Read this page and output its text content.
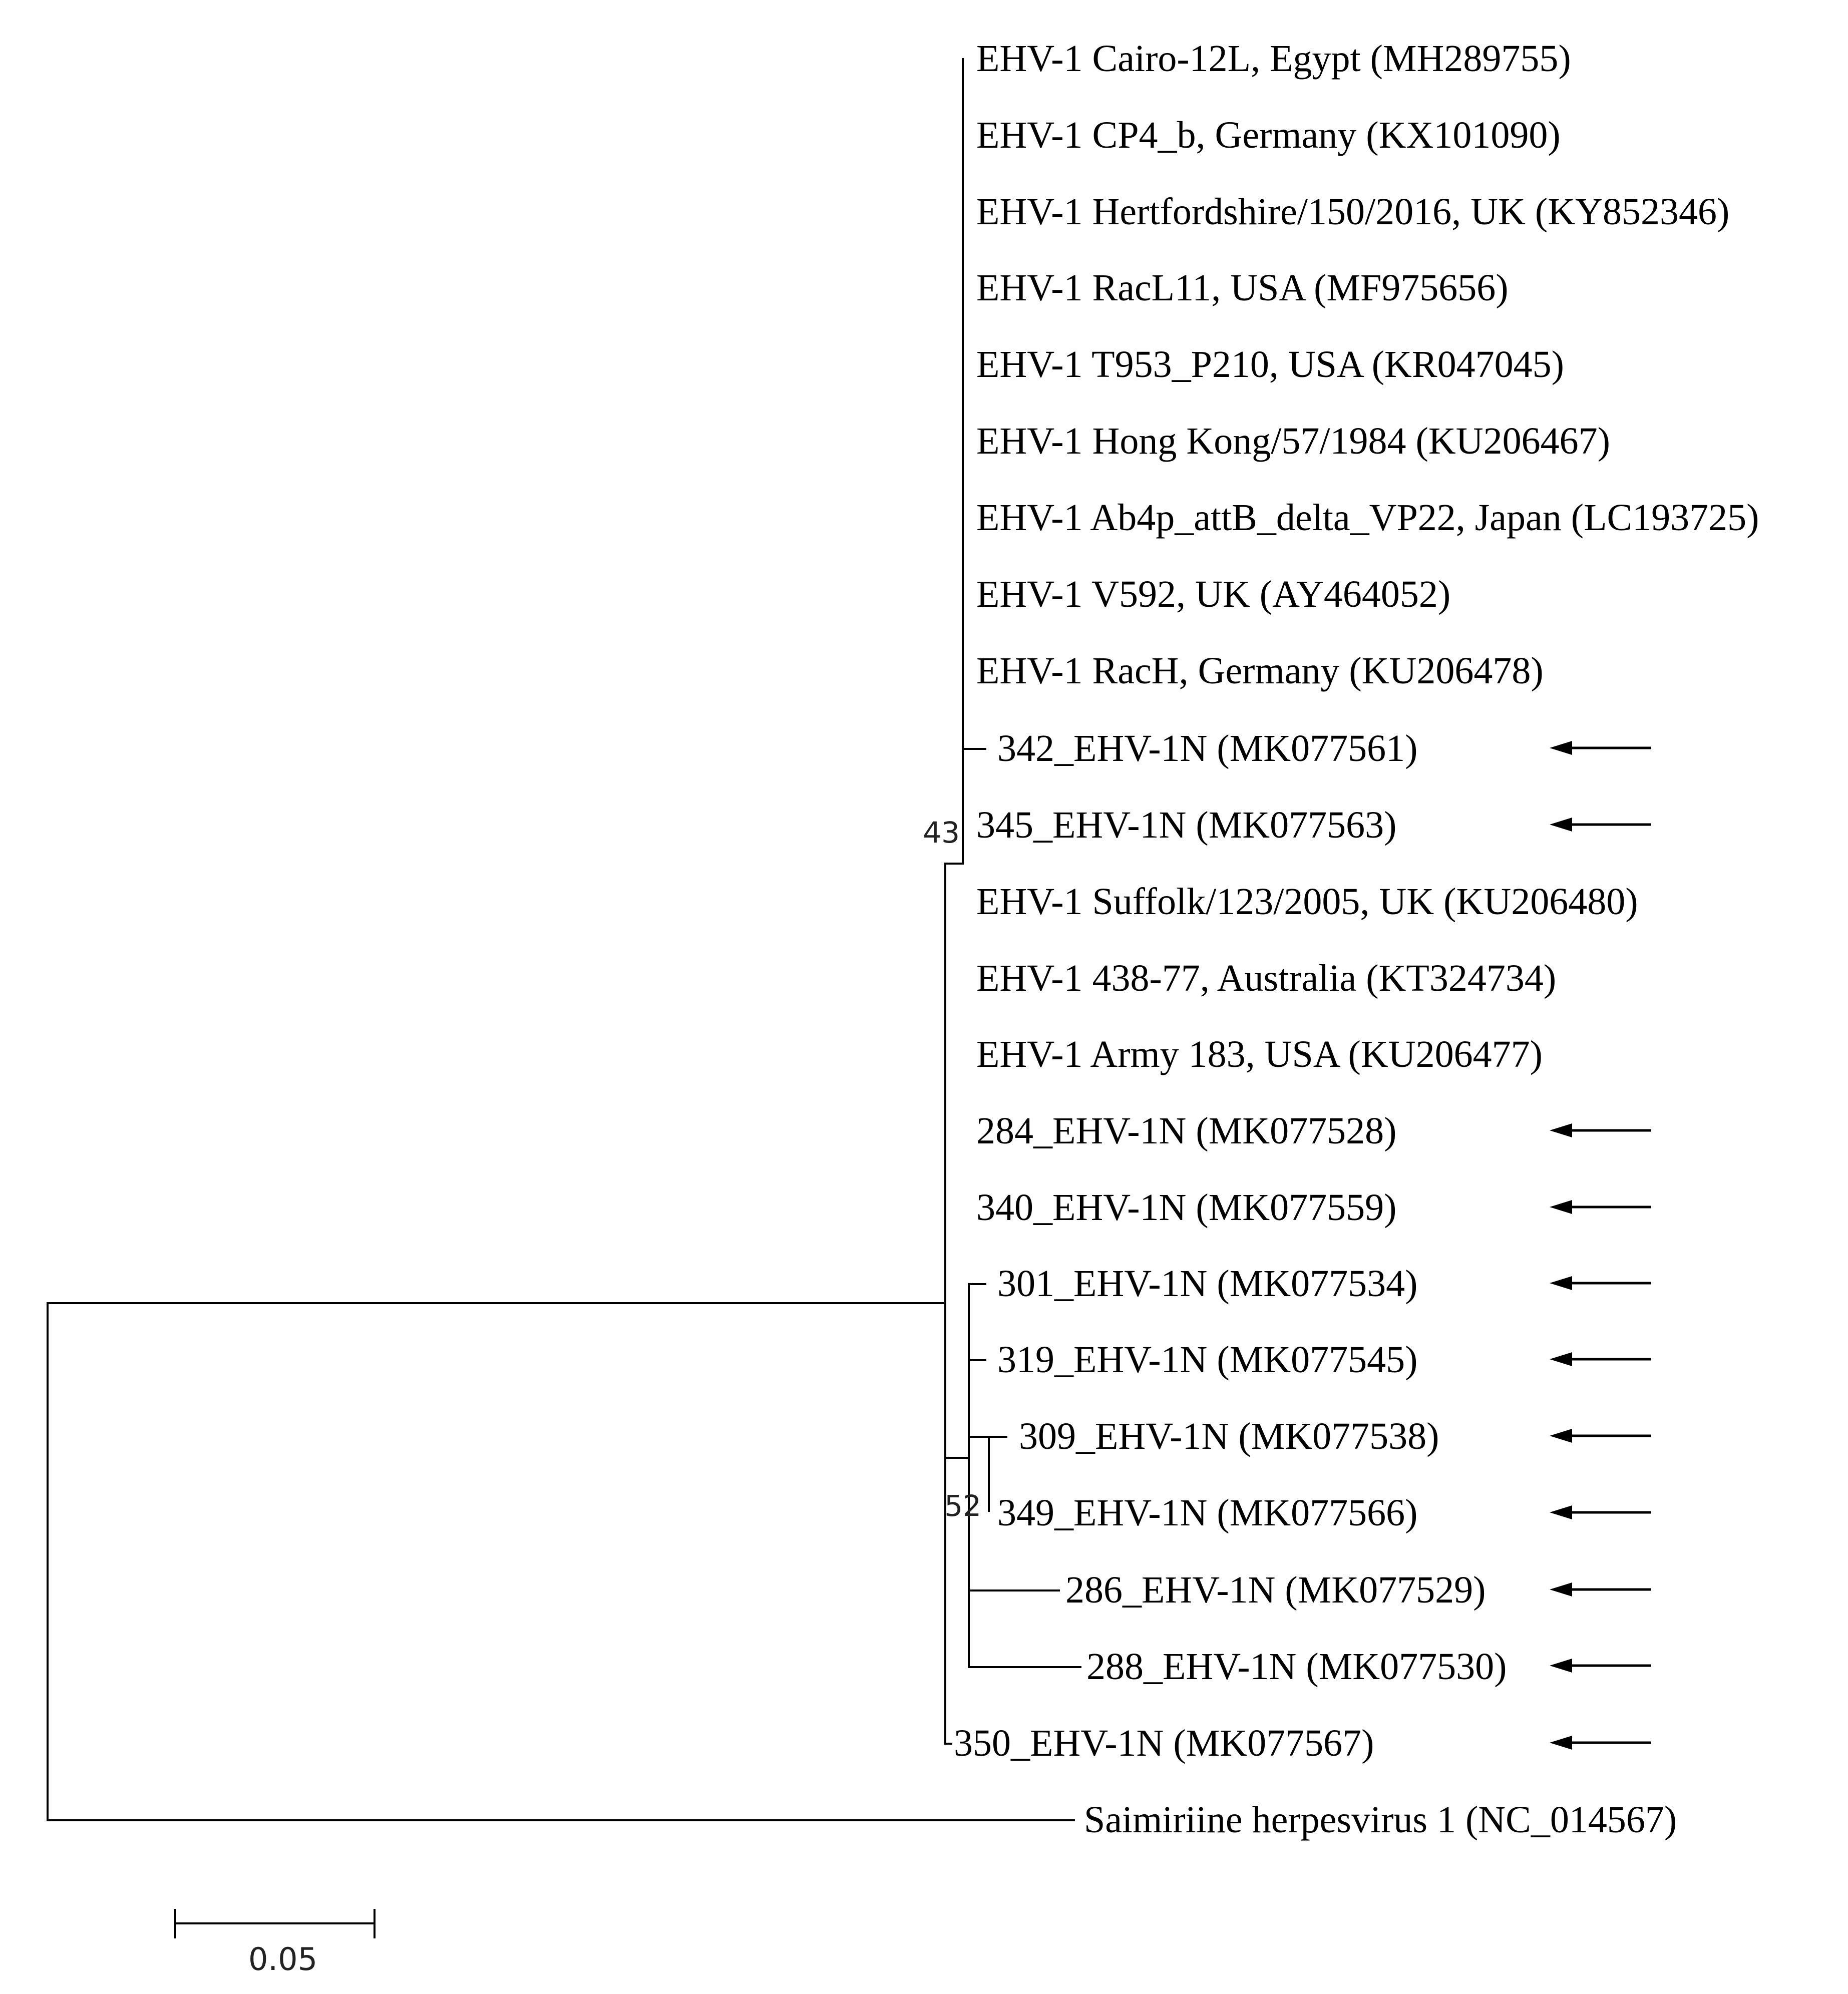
43
52
EHV-1 Cairo-12L, Egypt (MH289755)
EHV-1 CP4_b, Germany (KX101090)
EHV-1 Hertfordshire/150/2016, UK (KY852346)
EHV-1 RacL11, USA (MF975656)
EHV-1 T953_P210, USA (KR047045)
EHV-1 Hong Kong/57/1984 (KU206467)
EHV-1 Ab4p_attB_delta_VP22, Japan (LC193725)
EHV-1 V592, UK (AY464052)
EHV-1 RacH, Germany (KU206478)
342_EHV-1N (MK077561)
345_EHV-1N (MK077563)
EHV-1 Suffolk/123/2005, UK (KU206480)
EHV-1 438-77, Australia (KT324734)
EHV-1 Army 183, USA (KU206477)
284_EHV-1N (MK077528)
340_EHV-1N (MK077559)
301_EHV-1N (MK077534)
319_EHV-1N (MK077545)
309_EHV-1N (MK077538)
349_EHV-1N (MK077566)
286_EHV-1N (MK077529)
288_EHV-1N (MK077530)
350_EHV-1N (MK077567)
Saimiriine herpesvirus 1 (NC_014567)
0.05
